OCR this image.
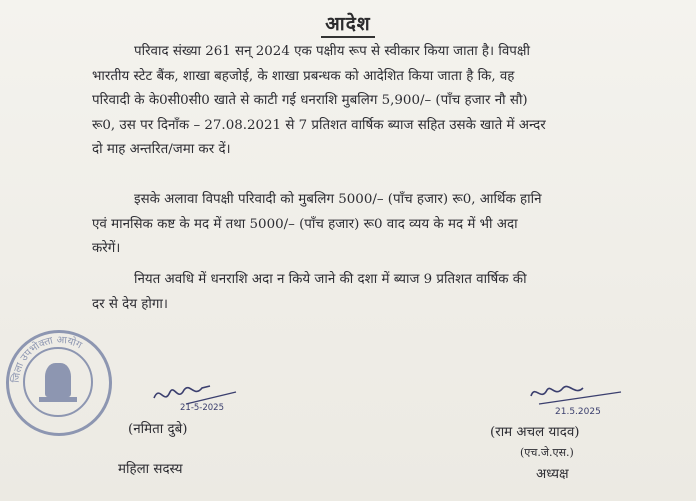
आदेश
परिवाद संख्या 261 सन् 2024 एक पक्षीय रूप से स्वीकार किया जाता है। विपक्षी
भारतीय स्टेट बैंक, शाखा बहजोई, के शाखा प्रबन्धक को आदेशित किया जाता है कि, वह
परिवादी के के0सी0सी0 खाते से काटी गई धनराशि मुबलिग 5,900/– (पाँच हजार नौ सौ)
रू0, उस पर दिनाँक – 27.08.2021 से 7 प्रतिशत वार्षिक ब्याज सहित उसके खाते में अन्दर
दो माह अन्तरित/जमा कर दें।
इसके अलावा विपक्षी परिवादी को मुबलिग 5000/– (पाँच हजार) रू0, आर्थिक हानि
एवं मानसिक कष्ट के मद में तथा 5000/– (पाँच हजार) रू0 वाद व्यय के मद में भी अदा
करेगें।
नियत अवधि में धनराशि अदा न किये जाने की दशा में ब्याज 9 प्रतिशत वार्षिक की
दर से देय होगा।
जिला उपभोक्ता आयोग
21-5-2025	21.5.2025
(नमिता दुबे)
महिला सदस्य
(राम अचल यादव)
(एच.जे.एस.)
अध्यक्ष
